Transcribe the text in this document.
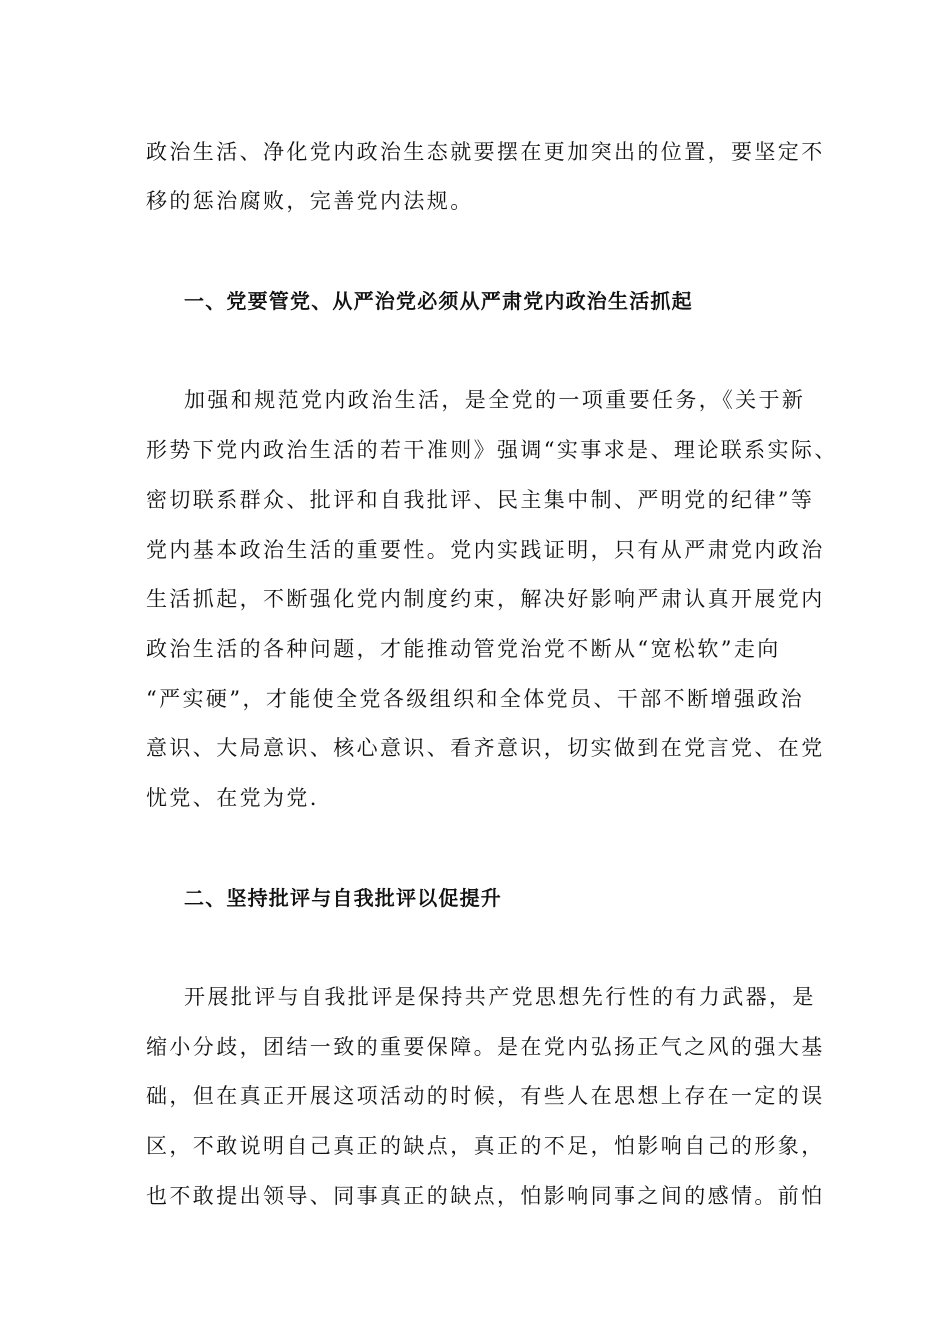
政治生活、净化党内政治生态就要摆在更加突出的位置，要坚定不
移的惩治腐败，完善党内法规。
一、党要管党、从严治党必须从严肃党内政治生活抓起
加强和规范党内政治生活，是全党的一项重要任务，《关于新
形势下党内政治生活的若干准则》强调“实事求是、理论联系实际、
密切联系群众、批评和自我批评、民主集中制、严明党的纪律”等
党内基本政治生活的重要性。党内实践证明，只有从严肃党内政治
生活抓起，不断强化党内制度约束，解决好影响严肃认真开展党内
政治生活的各种问题，才能推动管党治党不断从“宽松软”走向
“严实硬”，才能使全党各级组织和全体党员、干部不断增强政治
意识、大局意识、核心意识、看齐意识，切实做到在党言党、在党
忧党、在党为党.
二、坚持批评与自我批评以促提升
开展批评与自我批评是保持共产党思想先行性的有力武器，是
缩小分歧，团结一致的重要保障。是在党内弘扬正气之风的强大基
础，但在真正开展这项活动的时候，有些人在思想上存在一定的误
区，不敢说明自己真正的缺点，真正的不足，怕影响自己的形象，
也不敢提出领导、同事真正的缺点，怕影响同事之间的感情。前怕
